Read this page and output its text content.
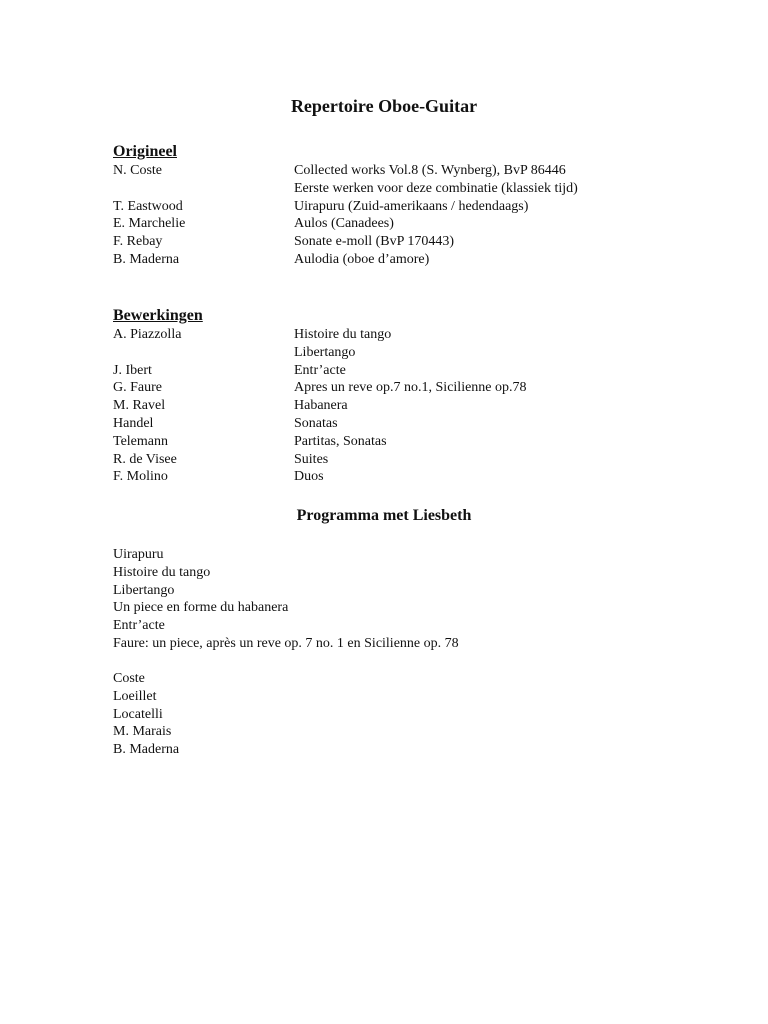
Repertoire Oboe-Guitar
Origineel
N. Coste	Collected works Vol.8 (S. Wynberg), BvP 86446
Eerste werken voor deze combinatie (klassiek tijd)
T. Eastwood	Uirapuru (Zuid-amerikaans / hedendaags)
E. Marchelie	Aulos (Canadees)
F. Rebay	Sonate e-moll (BvP 170443)
B. Maderna	Aulodia (oboe d’amore)
Bewerkingen
A. Piazzolla	Histoire du tango
Libertango
J. Ibert	Entr’acte
G. Faure	Apres un reve op.7 no.1, Sicilienne op.78
M. Ravel	Habanera
Handel	Sonatas
Telemann	Partitas, Sonatas
R. de Visee	Suites
F. Molino	Duos
Programma met Liesbeth
Uirapuru
Histoire du tango
Libertango
Un piece en forme du habanera
Entr’acte
Faure: un piece, après un reve op. 7 no. 1 en Sicilienne op. 78
Coste
Loeillet
Locatelli
M. Marais
B. Maderna
